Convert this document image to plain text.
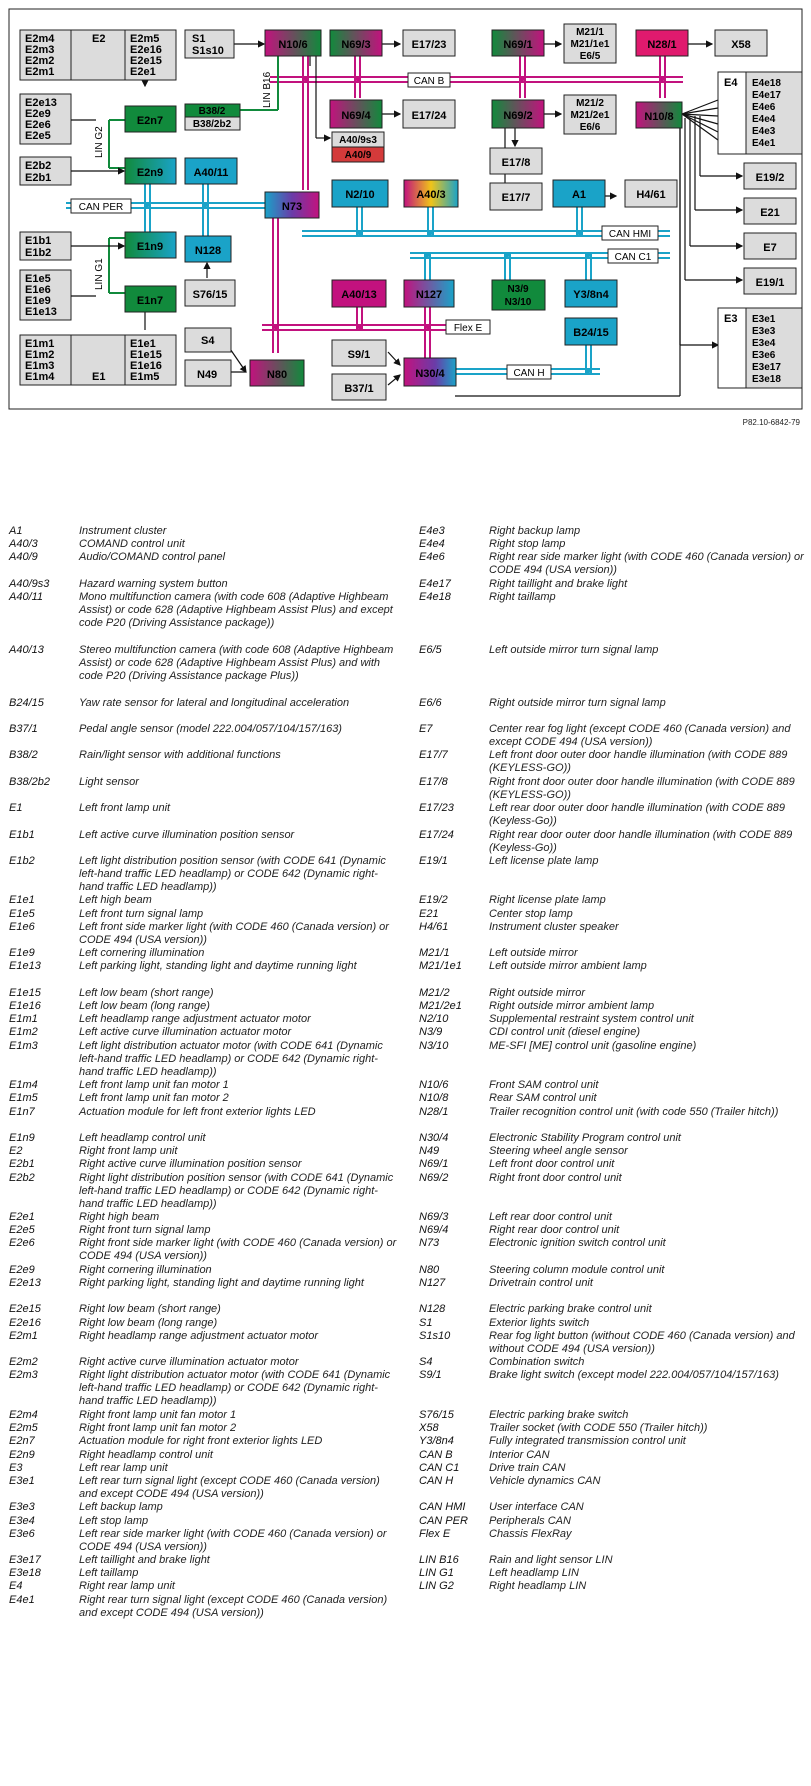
E2m4
E2m3
E2m2
E2m1
E2 E2m5
E2e16
E2e15
E2e1
E2e13
E2e9
E2e6
E2e5
E2b2
E2b1
LIN G2
E2n7
E2n9
E1b1
E1b2
E1e5
E1e6
E1e9
E1e13
E1m1
E1m2
E1m3
E1m4	E1
E1e1
E1e15
E1e16
E1m5
LIN G1
E1n9
E1n7
S1
S1s10	N10/6
LIN B16
B38/2
B38/2b2
A40/11
N128
S76/15
S4
N49	N80
N73
N69/3	E17/23
N69/4	E17/24
A40/9s3
A40/9
N2/10	A40/3
A40/13	N127
N69/1
M21/1
M21/1e1
E6/5
N28/1	X58
N69/2
M21/2
M21/2e1
E6/6
N10/8
E17/8
E17/7	A1	H4/61
N3/9
N3/10
Y3/8n4
B24/15
S9/1
B37/1
N30/4
E4 E4e18
E4e17
E4e6
E4e4
E4e3
E4e1
E19/2
E21
E7
E19/1
E3 E3e1
E3e3
E3e4
E3e6
E3e17
E3e18
CAN B
CAN PER
CAN HMI
CAN C1
Flex E
CAN H
P82.10-6842-79
A1	Instrument cluster
A40/3	COMAND control unit
A40/9	Audio/COMAND control panel
A40/9s3	Hazard warning system button
A40/11	Mono multifunction camera (with code 608 (Adaptive Highbeam Assist) or code 628 (Adaptive Highbeam Assist Plus) and except code P20 (Driving Assistance package))
A40/13	Stereo multifunction camera (with code 608 (Adaptive Highbeam Assist) or code 628 (Adaptive Highbeam Assist Plus) and with code P20 (Driving Assistance package Plus))
B24/15	Yaw rate sensor for lateral and longitudinal acceleration
B37/1	Pedal angle sensor (model 222.004/057/104/157/163)
B38/2	Rain/light sensor with additional functions
B38/2b2	Light sensor
E1	Left front lamp unit
E1b1	Left active curve illumination position sensor
E1b2	Left light distribution position sensor (with CODE 641 (Dynamic left-hand traffic LED headlamp) or CODE 642 (Dynamic right-hand traffic LED headlamp))
E1e1	Left high beam
E1e5	Left front turn signal lamp
E1e6	Left front side marker light (with CODE 460 (Canada version) or CODE 494 (USA version))
E1e9	Left cornering illumination
E1e13	Left parking light, standing light and daytime running light
E1e15	Left low beam (short range)
E1e16	Left low beam (long range)
E1m1	Left headlamp range adjustment actuator motor
E1m2	Left active curve illumination actuator motor
E1m3	Left light distribution actuator motor (with CODE 641 (Dynamic left-hand traffic LED headlamp) or CODE 642 (Dynamic right-hand traffic LED headlamp))
E1m4	Left front lamp unit fan motor 1
E1m5	Left front lamp unit fan motor 2
E1n7	Actuation module for left front exterior lights LED
E1n9	Left headlamp control unit
E2	Right front lamp unit
E2b1	Right active curve illumination position sensor
E2b2	Right light distribution position sensor (with CODE 641 (Dynamic left-hand traffic LED headlamp) or CODE 642 (Dynamic right-hand traffic LED headlamp))
E2e1	Right high beam
E2e5	Right front turn signal lamp
E2e6	Right front side marker light (with CODE 460 (Canada version) or CODE 494 (USA version))
E2e9	Right cornering illumination
E2e13	Right parking light, standing light and daytime running light
E2e15	Right low beam (short range)
E2e16	Right low beam (long range)
E2m1	Right headlamp range adjustment actuator motor
E2m2	Right active curve illumination actuator motor
E2m3	Right light distribution actuator motor (with CODE 641 (Dynamic left-hand traffic LED headlamp) or CODE 642 (Dynamic right-hand traffic LED headlamp))
E2m4	Right front lamp unit fan motor 1
E2m5	Right front lamp unit fan motor 2
E2n7	Actuation module for right front exterior lights LED
E2n9	Right headlamp control unit
E3	Left rear lamp unit
E3e1	Left rear turn signal light (except CODE 460 (Canada version) and except CODE 494 (USA version))
E3e3	Left backup lamp
E3e4	Left stop lamp
E3e6	Left rear side marker light (with CODE 460 (Canada version) or CODE 494 (USA version))
E3e17	Left taillight and brake light
E3e18	Left taillamp
E4	Right rear lamp unit
E4e1	Right rear turn signal light (except CODE 460 (Canada version) and except CODE 494 (USA version))
E4e3	Right backup lamp
E4e4	Right stop lamp
E4e6	Right rear side marker light (with CODE 460 (Canada version) or CODE 494 (USA version))
E4e17	Right taillight and brake light
E4e18	Right taillamp
E6/5	Left outside mirror turn signal lamp
E6/6	Right outside mirror turn signal lamp
E7	Center rear fog light (except CODE 460 (Canada version) and except CODE 494 (USA version))
E17/7	Left front door outer door handle illumination (with CODE 889 (KEYLESS-GO))
E17/8	Right front door outer door handle illumination (with CODE 889 (KEYLESS-GO))
E17/23	Left rear door outer door handle illumination (with CODE 889 (Keyless-Go))
E17/24	Right rear door outer door handle illumination (with CODE 889 (Keyless-Go))
E19/1	Left license plate lamp
E19/2	Right license plate lamp
E21	Center stop lamp
H4/61	Instrument cluster speaker
M21/1	Left outside mirror
M21/1e1	Left outside mirror ambient lamp
M21/2	Right outside mirror
M21/2e1	Right outside mirror ambient lamp
N2/10	Supplemental restraint system control unit
N3/9	CDI control unit (diesel engine)
N3/10	ME-SFI [ME] control unit (gasoline engine)
N10/6	Front SAM control unit
N10/8	Rear SAM control unit
N28/1	Trailer recognition control unit (with code 550 (Trailer hitch))
N30/4	Electronic Stability Program control unit
N49	Steering wheel angle sensor
N69/1	Left front door control unit
N69/2	Right front door control unit
N69/3	Left rear door control unit
N69/4	Right rear door control unit
N73	Electronic ignition switch control unit
N80	Steering column module control unit
N127	Drivetrain control unit
N128	Electric parking brake control unit
S1	Exterior lights switch
S1s10	Rear fog light button (without CODE 460 (Canada version) and without CODE 494 (USA version))
S4	Combination switch
S9/1	Brake light switch (except model 222.004/057/104/157/163)
S76/15	Electric parking brake switch
X58	Trailer socket (with CODE 550 (Trailer hitch))
Y3/8n4	Fully integrated transmission control unit
CAN B	Interior CAN
CAN C1	Drive train CAN
CAN H	Vehicle dynamics CAN
CAN HMI	User interface CAN
CAN PER	Peripherals CAN
Flex E	Chassis FlexRay
LIN B16	Rain and light sensor LIN
LIN G1	Left headlamp LIN
LIN G2	Right headlamp LIN
